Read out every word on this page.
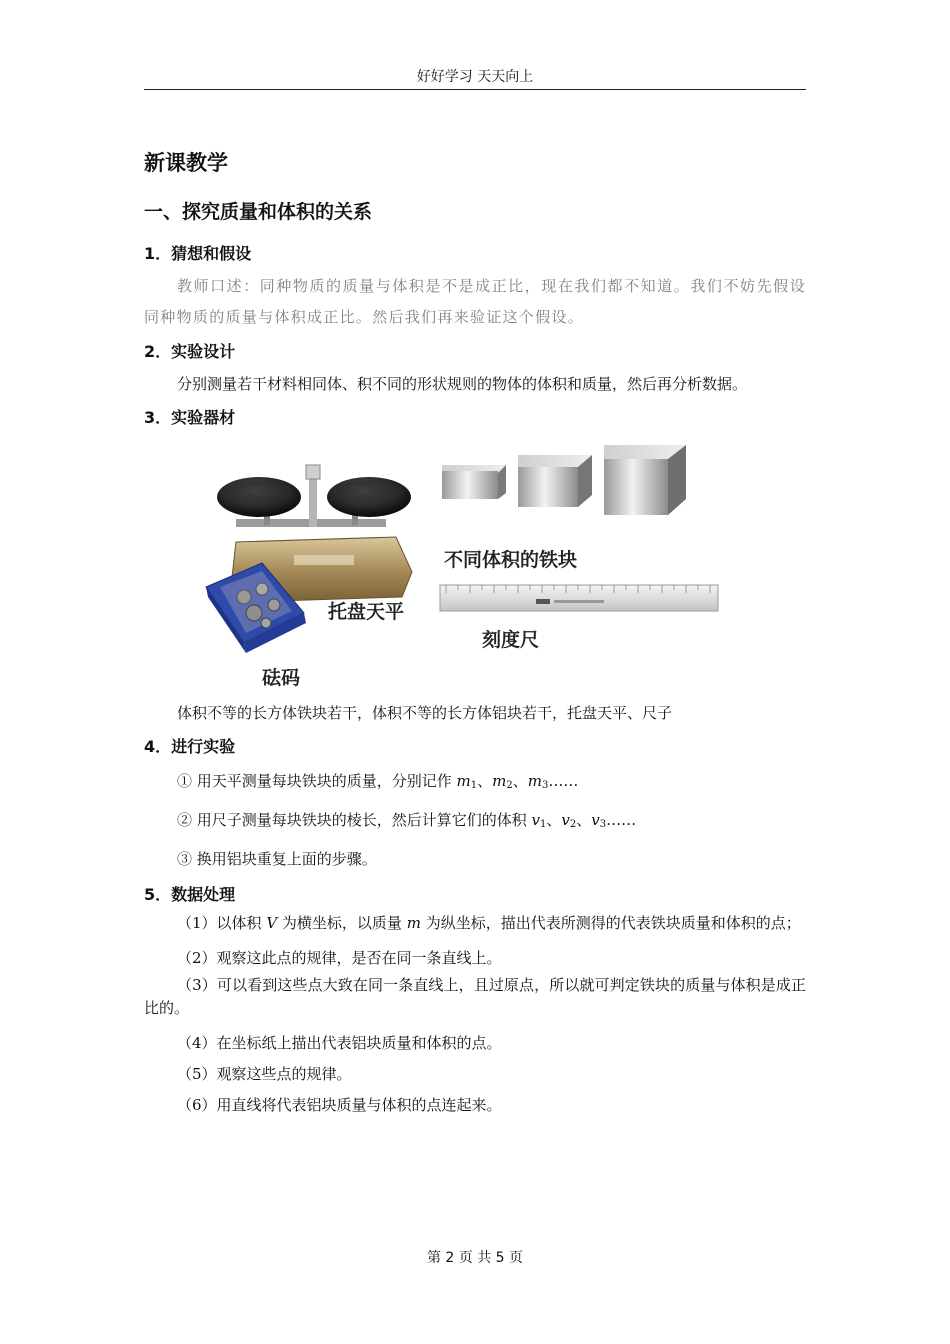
好好学习 天天向上
新课教学
一、探究质量和体积的关系
1．猜想和假设

教师口述：同种物质的质量与体积是不是成正比，现在我们都不知道。我们不妨先假设同种物质的质量与体积成正比。然后我们再来验证这个假设。

2．实验设计

分别测量若干材料相同体、积不同的形状规则的物体的体积和质量，然后再分析数据。

3．实验器材
不同体积的铁块
托盘天平
刻度尺
砝码

体积不等的长方体铁块若干，体积不等的长方体铝块若干，托盘天平、尺子

4．进行实验

① 用天平测量每块铁块的质量，分别记作 $m_1$、$m_2$、$m_3\dots\dots$

② 用尺子测量每块铁块的棱长，然后计算它们的体积 $v_1$、$v_2$、$v_3\dots\dots$

③ 换用铝块重复上面的步骤。

5．数据处理

（1）以体积 V 为横坐标，以质量 m 为纵坐标，描出代表所测得的代表铁块质量和体积的点；

（2）观察这此点的规律，是否在同一条直线上。

（3）可以看到这些点大致在同一条直线上，且过原点，所以就可判定铁块的质量与体积是成正比的。

（4）在坐标纸上描出代表铝块质量和体积的点。

（5）观察这些点的规律。

（6）用直线将代表铝块质量与体积的点连起来。

第 2 页 共 5 页
